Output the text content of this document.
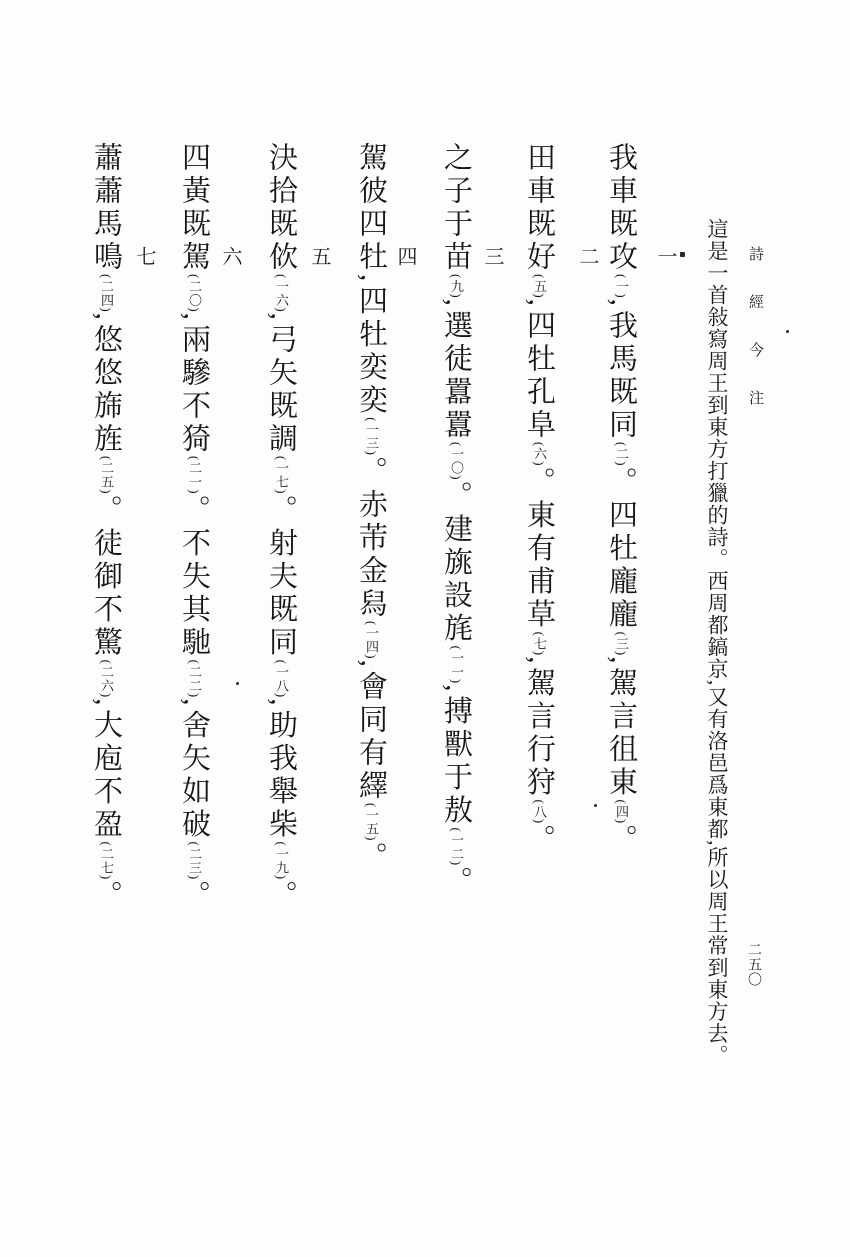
詩經今注
二五〇
這是一首敍寫周王到東方打獵的詩。西周都鎬京,又有洛邑爲東都,所以周王常到東方去。
一
我車既攻(一),我馬既同(二)。四牡龐龐(三),駕言徂東(四)。
二
田車既好(五),四牡孔阜(六)。東有甫草(七),駕言行狩(八)。
三
之子于苗(九),選徒囂囂(一〇)。建旐設旄(一一),搏獸于敖(一二)。
四
駕彼四牡,四牡奕奕(一三)。赤芾金舄(一四),會同有繹(一五)。
五
決拾既佽(一六),弓矢既調(一七)。射夫既同(一八),助我舉柴(一九)。
六
四黃既駕(二〇),兩驂不猗(二一)。不失其馳(二二),舍矢如破(二三)。
七
蕭蕭馬鳴(二四),悠悠旆旌(二五)。徒御不驚(二六),大庖不盈(二七)。
